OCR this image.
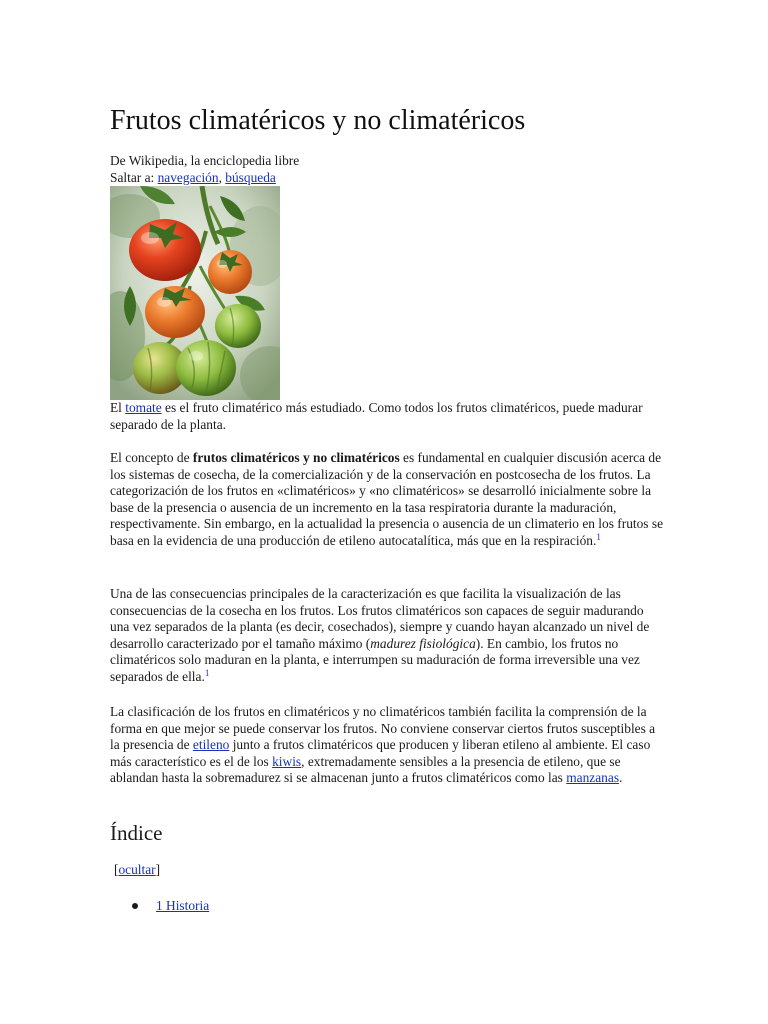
Frutos climatéricos y no climatéricos
De Wikipedia, la enciclopedia libre
Saltar a: navegación, búsqueda
El tomate es el fruto climatérico más estudiado. Como todos los frutos climatéricos, puede madurar separado de la planta.

El concepto de frutos climatéricos y no climatéricos es fundamental en cualquier discusión acerca de los sistemas de cosecha, de la comercialización y de la conservación en postcosecha de los frutos. La categorización de los frutos en «climatéricos» y «no climatéricos» se desarrolló inicialmente sobre la base de la presencia o ausencia de un incremento en la tasa respiratoria durante la maduración, respectivamente. Sin embargo, en la actualidad la presencia o ausencia de un climaterio en los frutos se basa en la evidencia de una producción de etileno autocatalítica, más que en la respiración.$^1$

Una de las consecuencias principales de la caracterización es que facilita la visualización de las consecuencias de la cosecha en los frutos. Los frutos climatéricos son capaces de seguir madurando una vez separados de la planta (es decir, cosechados), siempre y cuando hayan alcanzado un nivel de desarrollo caracterizado por el tamaño máximo (madurez fisiológica). En cambio, los frutos no climatéricos solo maduran en la planta, e interrumpen su maduración de forma irreversible una vez separados de ella.$^1$

La clasificación de los frutos en climatéricos y no climatéricos también facilita la comprensión de la forma en que mejor se puede conservar los frutos. No conviene conservar ciertos frutos susceptibles a la presencia de etileno junto a frutos climatéricos que producen y liberan etileno al ambiente. El caso más característico es el de los kiwis, extremadamente sensibles a la presencia de etileno, que se ablandan hasta la sobremadurez si se almacenan junto a frutos climatéricos como las manzanas.

Índice
[ocultar]
1 Historia
